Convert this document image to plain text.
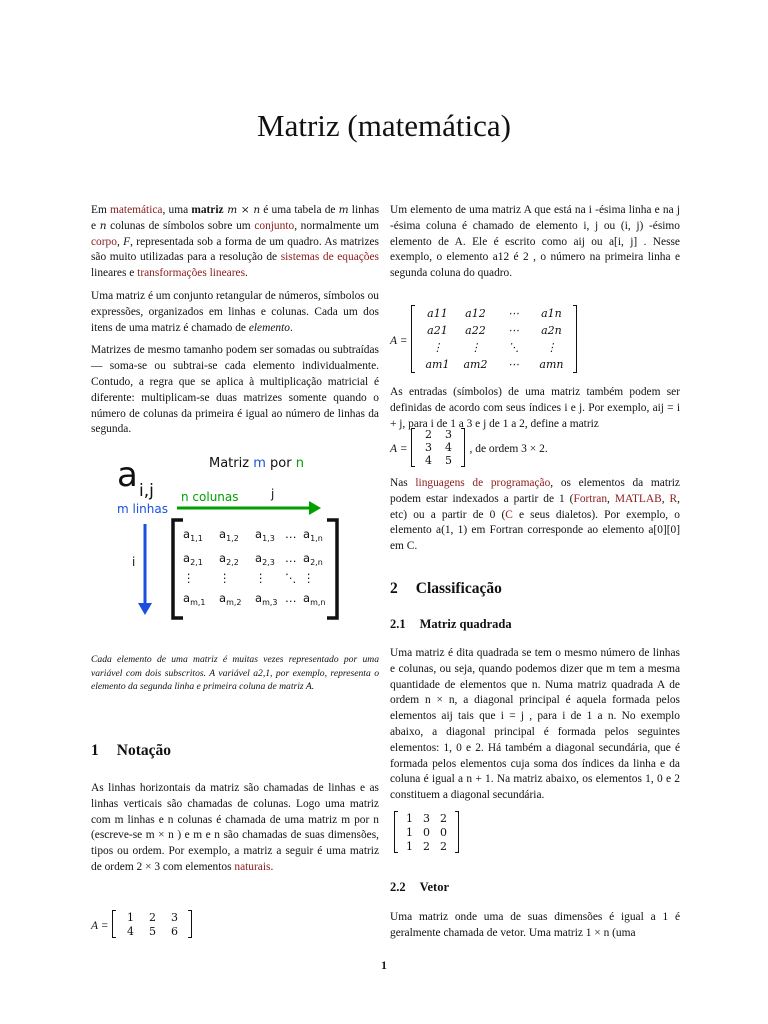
Matriz (matemática)

Em matemática, uma matriz m × n é uma tabela de m linhas e n colunas de símbolos sobre um conjunto, normalmente um corpo, F, representada sob a forma de um quadro. As matrizes são muito utilizadas para a resolução de sistemas de equações lineares e transformações lineares.

Uma matriz é um conjunto retangular de números, símbolos ou expressões, organizados em linhas e colunas. Cada um dos itens de uma matriz é chamado de elemento.

Matrizes de mesmo tamanho podem ser somadas ou subtraídas — soma-se ou subtrai-se cada elemento individualmente. Contudo, a regra que se aplica à multiplicação matricial é diferente: multiplicam-se duas matrizes somente quando o número de colunas da primeira é igual ao número de linhas da segunda.

a i,j
Matriz m por n
n colunas	j
m linhas
i
$a_{1,1}$ $a_{1,2}$ $a_{1,3}$ … $a_{1,n}$
$a_{2,1}$ $a_{2,2}$ $a_{2,3}$ … $a_{2,n}$
⋮ ⋮ ⋮ ⋱ ⋮
$a_{m,1}$ $a_{m,2}$ $a_{m,3}$ … $a_{m,n}$
Cada elemento de uma matriz é muitas vezes representado por uma variável com dois subscritos. A variável a2,1, por exemplo, representa o elemento da segunda linha e primeira coluna de matriz A.
1 Notação

As linhas horizontais da matriz são chamadas de linhas e as linhas verticais são chamadas de colunas. Logo uma matriz com m linhas e n colunas é chamada de uma matriz m por n (escreve-se m × n ) e m e n são chamadas de suas dimensões, tipos ou ordem. Por exemplo, a matriz a seguir é uma matriz de ordem 2 × 3 com elementos naturais.

A =
1	2	3
4	5	6

Um elemento de uma matriz A que está na i -ésima linha e na j -ésima coluna é chamado de elemento i, j ou (i, j) -ésimo elemento de A. Ele é escrito como aij ou a[i, j] . Nesse exemplo, o elemento a12 é 2 , o número na primeira linha e segunda coluna do quadro.

A =
a11	a12	⋯	a1n
a21	a22	⋯	a2n
⋮	⋮	⋱	⋮
am1	am2	⋯	amn

As entradas (símbolos) de uma matriz também podem ser definidas de acordo com seus índices i e j. Por exemplo, aij = i + j, para i de 1 a 3 e j de 1 a 2, define a matriz

A =
2	3
3	4
4	5
, de ordem 3 × 2.

Nas linguagens de programação, os elementos da matriz podem estar indexados a partir de 1 (Fortran, MATLAB, R, etc) ou a partir de 0 (C e seus dialetos). Por exemplo, o elemento a(1, 1) em Fortran corresponde ao elemento a[0][0] em C.

2 Classificação
2.1 Matriz quadrada

Uma matriz é dita quadrada se tem o mesmo número de linhas e colunas, ou seja, quando podemos dizer que m tem a mesma quantidade de elementos que n. Numa matriz quadrada A de ordem n × n, a diagonal principal é aquela formada pelos elementos aij tais que i = j , para i de 1 a n. No exemplo abaixo, a diagonal principal é formada pelos seguintes elementos: 1, 0 e 2. Há também a diagonal secundária, que é formada pelos elementos cuja soma dos índices da linha e da coluna é igual a n + 1. Na matriz abaixo, os elementos 1, 0 e 2 constituem a diagonal secundária.

1	3	2
1	0	0
1	2	2
2.2 Vetor

Uma matriz onde uma de suas dimensões é igual a 1 é geralmente chamada de vetor. Uma matriz 1 × n (uma

1
